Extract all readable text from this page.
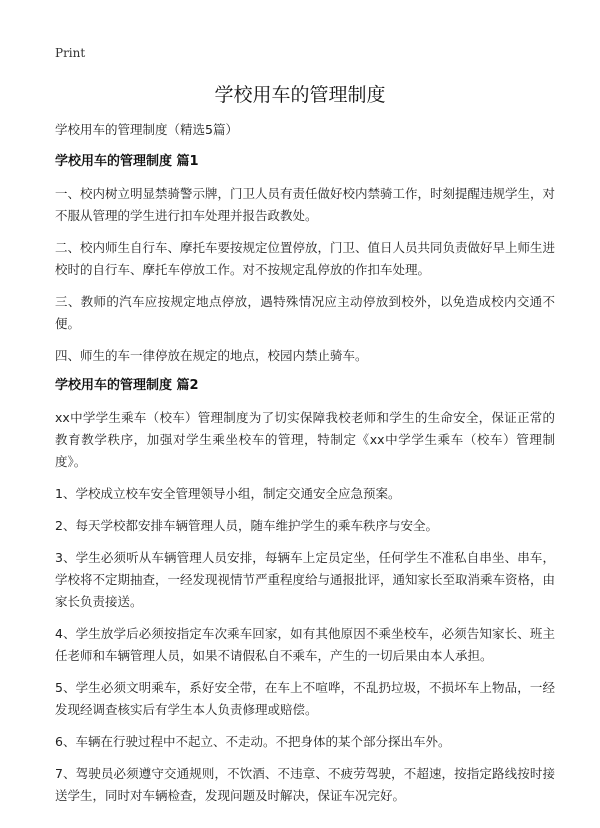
Print
学校用车的管理制度

学校用车的管理制度（精选5篇）

学校用车的管理制度 篇1

一、校内树立明显禁骑警示牌，门卫人员有责任做好校内禁骑工作，时刻提醒违规学生，对不服从管理的学生进行扣车处理并报告政教处。

二、校内师生自行车、摩托车要按规定位置停放，门卫、值日人员共同负责做好早上师生进校时的自行车、摩托车停放工作。对不按规定乱停放的作扣车处理。

三、教师的汽车应按规定地点停放，遇特殊情况应主动停放到校外，以免造成校内交通不便。

四、师生的车一律停放在规定的地点，校园内禁止骑车。

学校用车的管理制度 篇2

xx中学学生乘车（校车）管理制度为了切实保障我校老师和学生的生命安全，保证正常的教育教学秩序，加强对学生乘坐校车的管理，特制定《xx中学学生乘车（校车）管理制度》。

1、学校成立校车安全管理领导小组，制定交通安全应急预案。

2、每天学校都安排车辆管理人员，随车维护学生的乘车秩序与安全。

3、学生必须听从车辆管理人员安排，每辆车上定员定坐，任何学生不准私自串坐、串车，学校将不定期抽查，一经发现视情节严重程度给与通报批评，通知家长至取消乘车资格，由家长负责接送。

4、学生放学后必须按指定车次乘车回家，如有其他原因不乘坐校车，必须告知家长、班主任老师和车辆管理人员，如果不请假私自不乘车，产生的一切后果由本人承担。

5、学生必须文明乘车，系好安全带，在车上不喧哗，不乱扔垃圾，不损坏车上物品，一经发现经调查核实后有学生本人负责修理或赔偿。

6、车辆在行驶过程中不起立、不走动。不把身体的某个部分探出车外。

7、驾驶员必须遵守交通规则，不饮酒、不违章、不疲劳驾驶，不超速，按指定路线按时接送学生，同时对车辆检查，发现问题及时解决，保证车况完好。
